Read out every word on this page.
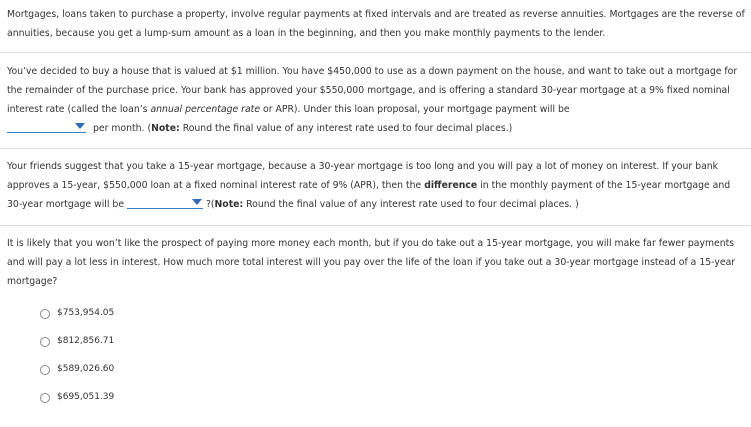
Mortgages, loans taken to purchase a property, involve regular payments at fixed intervals and are treated as reverse annuities. Mortgages are the reverse of annuities, because you get a lump-sum amount as a loan in the beginning, and then you make monthly payments to the lender.

You’ve decided to buy a house that is valued at $1 million. You have $450,000 to use as a down payment on the house, and want to take out a mortgage for the remainder of the purchase price. Your bank has approved your $550,000 mortgage, and is offering a standard 30-year mortgage at a 9% fixed nominal interest rate (called the loan’s annual percentage rate or APR). Under this loan proposal, your mortgage payment will be

per month. (Note: Round the final value of any interest rate used to four decimal places.)

Your friends suggest that you take a 15-year mortgage, because a 30-year mortgage is too long and you will pay a lot of money on interest. If your bank approves a 15-year, $550,000 loan at a fixed nominal interest rate of 9% (APR), then the difference in the monthly payment of the 15-year mortgage and 30-year mortgage will be	?(Note: Round the final value of any interest rate used to four decimal places. )

It is likely that you won’t like the prospect of paying more money each month, but if you do take out a 15-year mortgage, you will make far fewer payments and will pay a lot less in interest. How much more total interest will you pay over the life of the loan if you take out a 30-year mortgage instead of a 15-year mortgage?

$753,954.05
$812,856.71
$589,026.60
$695,051.39
